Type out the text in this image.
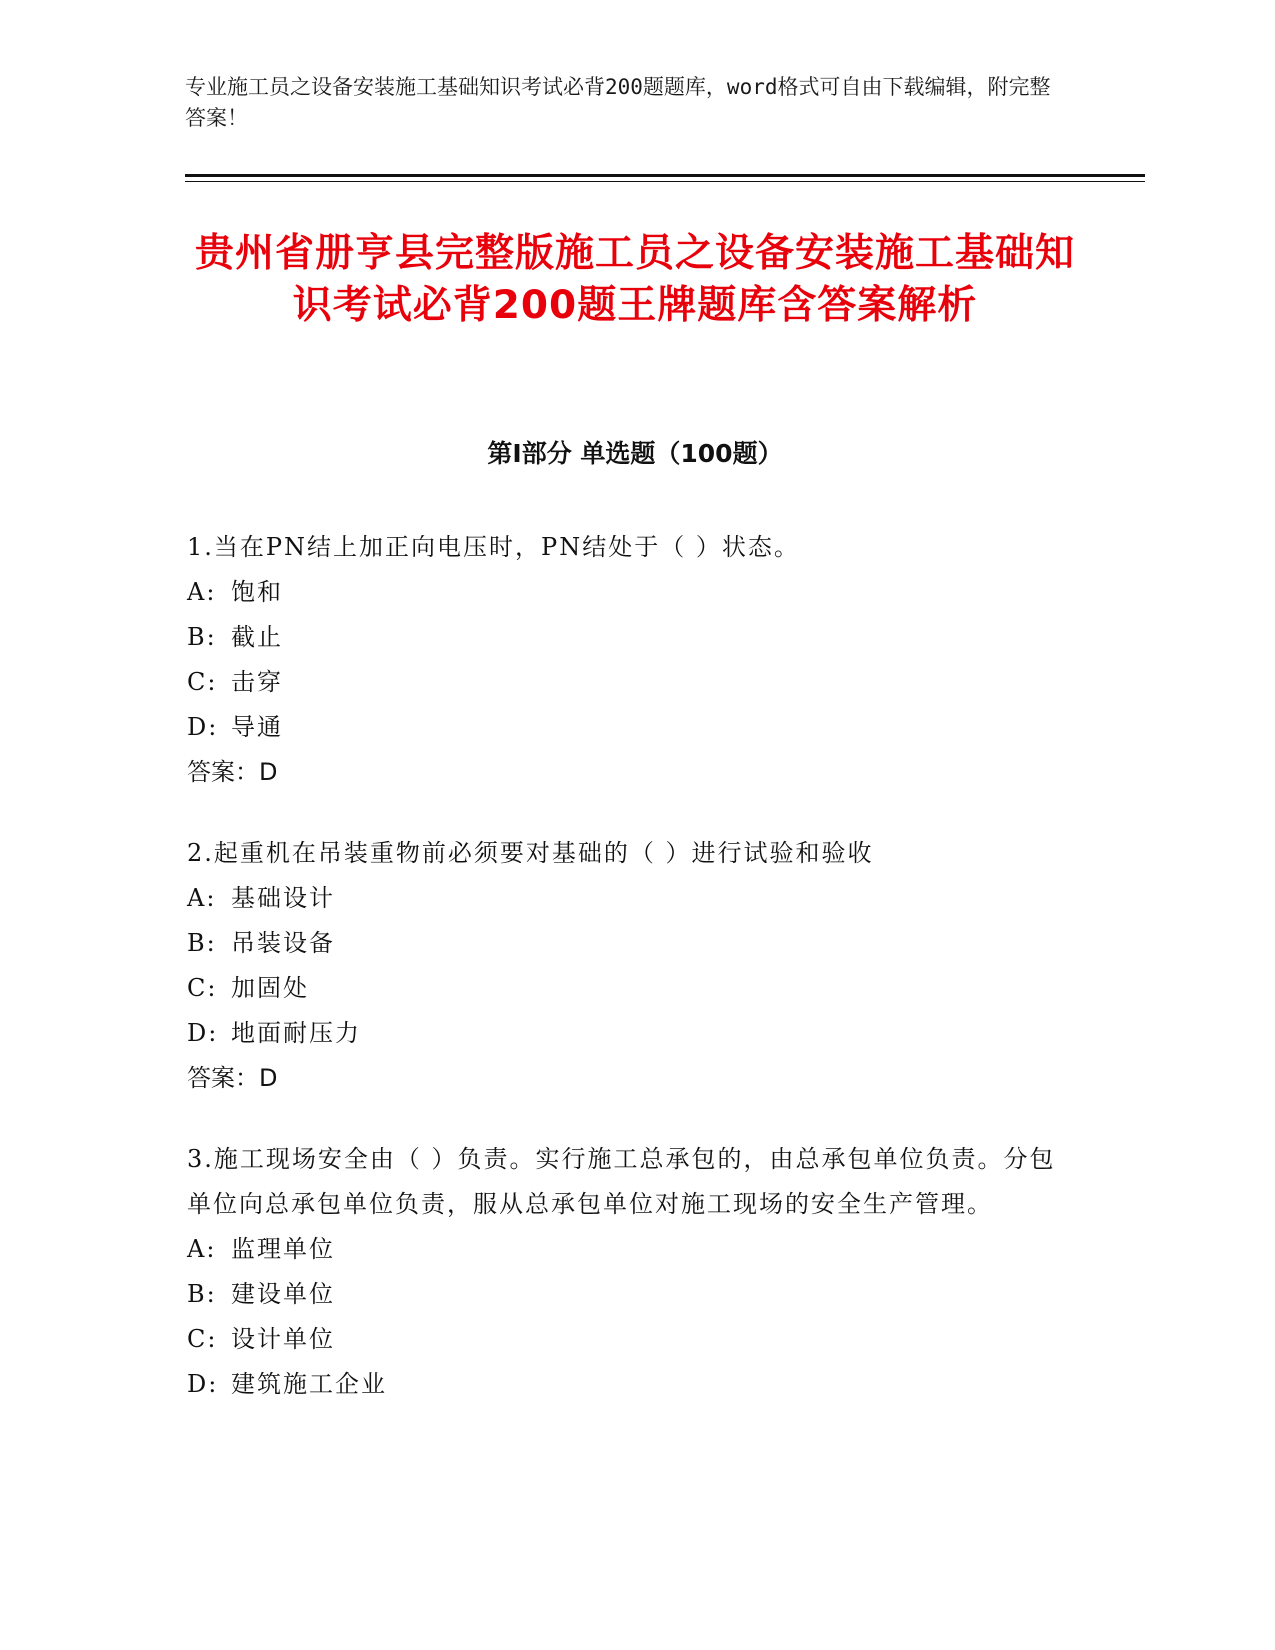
专业施工员之设备安装施工基础知识考试必背200题题库，word格式可自由下载编辑，附完整答案！
贵州省册亨县完整版施工员之设备安装施工基础知识考试必背200题王牌题库含答案解析
第I部分 单选题（100题）
1.当在PN结上加正向电压时，PN结处于（ ）状态。
A: 饱和
B: 截止
C: 击穿
D: 导通
答案：D
2.起重机在吊装重物前必须要对基础的（ ）进行试验和验收
A: 基础设计
B: 吊装设备
C: 加固处
D: 地面耐压力
答案：D
3.施工现场安全由（ ）负责。实行施工总承包的，由总承包单位负责。分包单位向总承包单位负责，服从总承包单位对施工现场的安全生产管理。
A: 监理单位
B: 建设单位
C: 设计单位
D: 建筑施工企业
